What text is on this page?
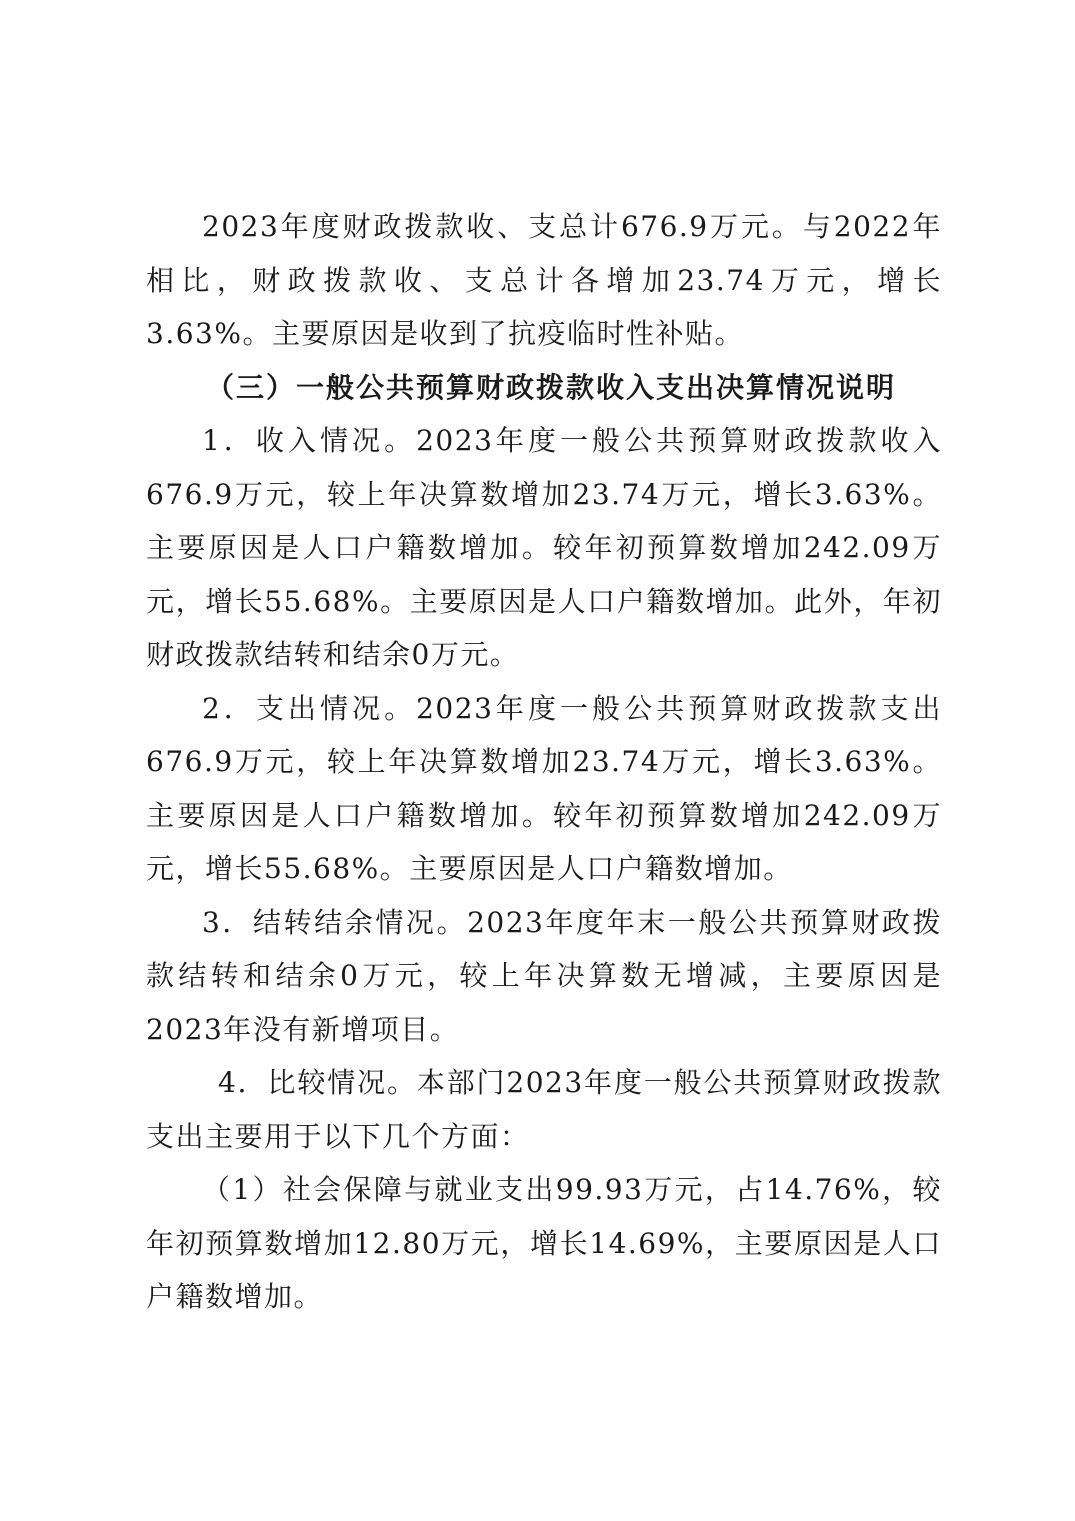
2023年度财政拨款收、支总计676.9万元。与2022年相比，财政拨款收、支总计各增加23.74万元，增长3.63%。主要原因是收到了抗疫临时性补贴。

（三）一般公共预算财政拨款收入支出决算情况说明

1．收入情况。2023年度一般公共预算财政拨款收入676.9万元，较上年决算数增加23.74万元，增长3.63%。主要原因是人口户籍数增加。较年初预算数增加242.09万元，增长55.68%。主要原因是人口户籍数增加。此外，年初财政拨款结转和结余0万元。

2．支出情况。2023年度一般公共预算财政拨款支出676.9万元，较上年决算数增加23.74万元，增长3.63%。主要原因是人口户籍数增加。较年初预算数增加242.09万元，增长55.68%。主要原因是人口户籍数增加。

3．结转结余情况。2023年度年末一般公共预算财政拨款结转和结余0万元，较上年决算数无增减，主要原因是2023年没有新增项目。

4．比较情况。本部门2023年度一般公共预算财政拨款支出主要用于以下几个方面：

（1）社会保障与就业支出99.93万元，占14.76%，较年初预算数增加12.80万元，增长14.69%，主要原因是人口户籍数增加。
